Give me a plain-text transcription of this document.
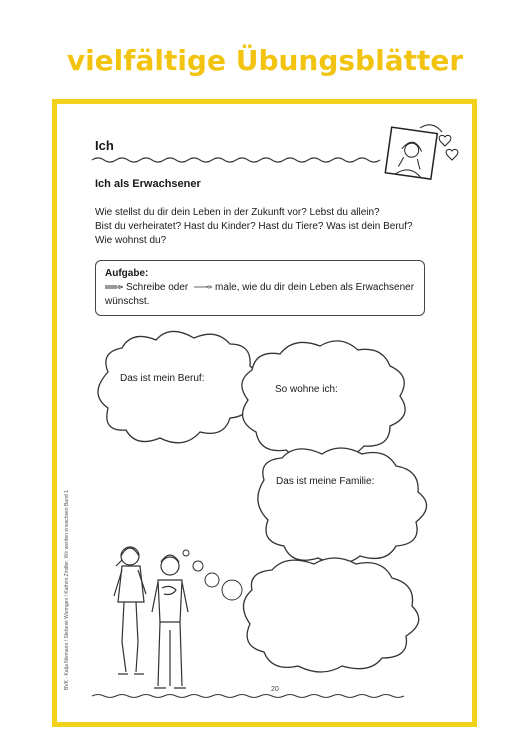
vielfältige Übungsblätter
Ich
Ich als Erwachsener
Wie stellst du dir dein Leben in der Zukunft vor? Lebst du allein?
Bist du verheiratet? Hast du Kinder? Hast du Tiere? Was ist dein Beruf?
Wie wohnst du?
Aufgabe:
Schreibe oder	male, wie du dir dein Leben als Erwachsener
wünschst.
Das ist mein Beruf:
So wohne ich:
Das ist meine Familie:
20
BVK · Katja Niemann / Stefanie Wiemgen / Kathrin Zindler: Wir werden erwachsen Band 1
